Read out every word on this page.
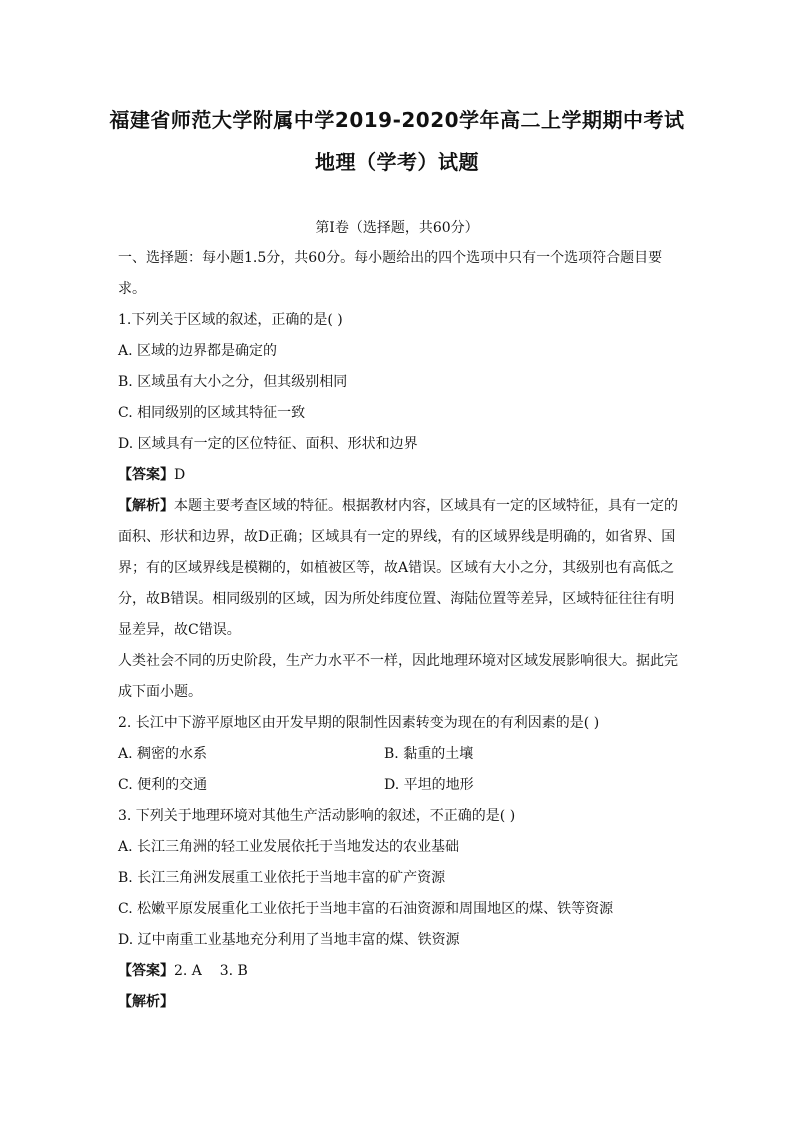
福建省师范大学附属中学2019-2020学年高二上学期期中考试
地理（学考）试题
第Ⅰ卷（选择题，共60分）
一、选择题：每小题1.5分，共60分。每小题给出的四个选项中只有一个选项符合题目要
求。
1.下列关于区域的叙述，正确的是( )
A. 区域的边界都是确定的
B. 区域虽有大小之分，但其级别相同
C. 相同级别的区域其特征一致
D. 区域具有一定的区位特征、面积、形状和边界
【答案】D
【解析】本题主要考查区域的特征。根据教材内容，区域具有一定的区域特征，具有一定的
面积、形状和边界，故D正确；区域具有一定的界线，有的区域界线是明确的，如省界、国
界；有的区域界线是模糊的，如植被区等，故A错误。区域有大小之分，其级别也有高低之
分，故B错误。相同级别的区域，因为所处纬度位置、海陆位置等差异，区域特征往往有明
显差异，故C错误。
人类社会不同的历史阶段，生产力水平不一样，因此地理环境对区域发展影响很大。据此完
成下面小题。
2. 长江中下游平原地区由开发早期的限制性因素转变为现在的有利因素的是( )
A. 稠密的水系	B. 黏重的土壤
C. 便利的交通	D. 平坦的地形
3. 下列关于地理环境对其他生产活动影响的叙述，不正确的是( )
A. 长江三角洲的轻工业发展依托于当地发达的农业基础
B. 长江三角洲发展重工业依托于当地丰富的矿产资源
C. 松嫩平原发展重化工业依托于当地丰富的石油资源和周围地区的煤、铁等资源
D. 辽中南重工业基地充分利用了当地丰富的煤、铁资源
【答案】2. A    3. B
【解析】
